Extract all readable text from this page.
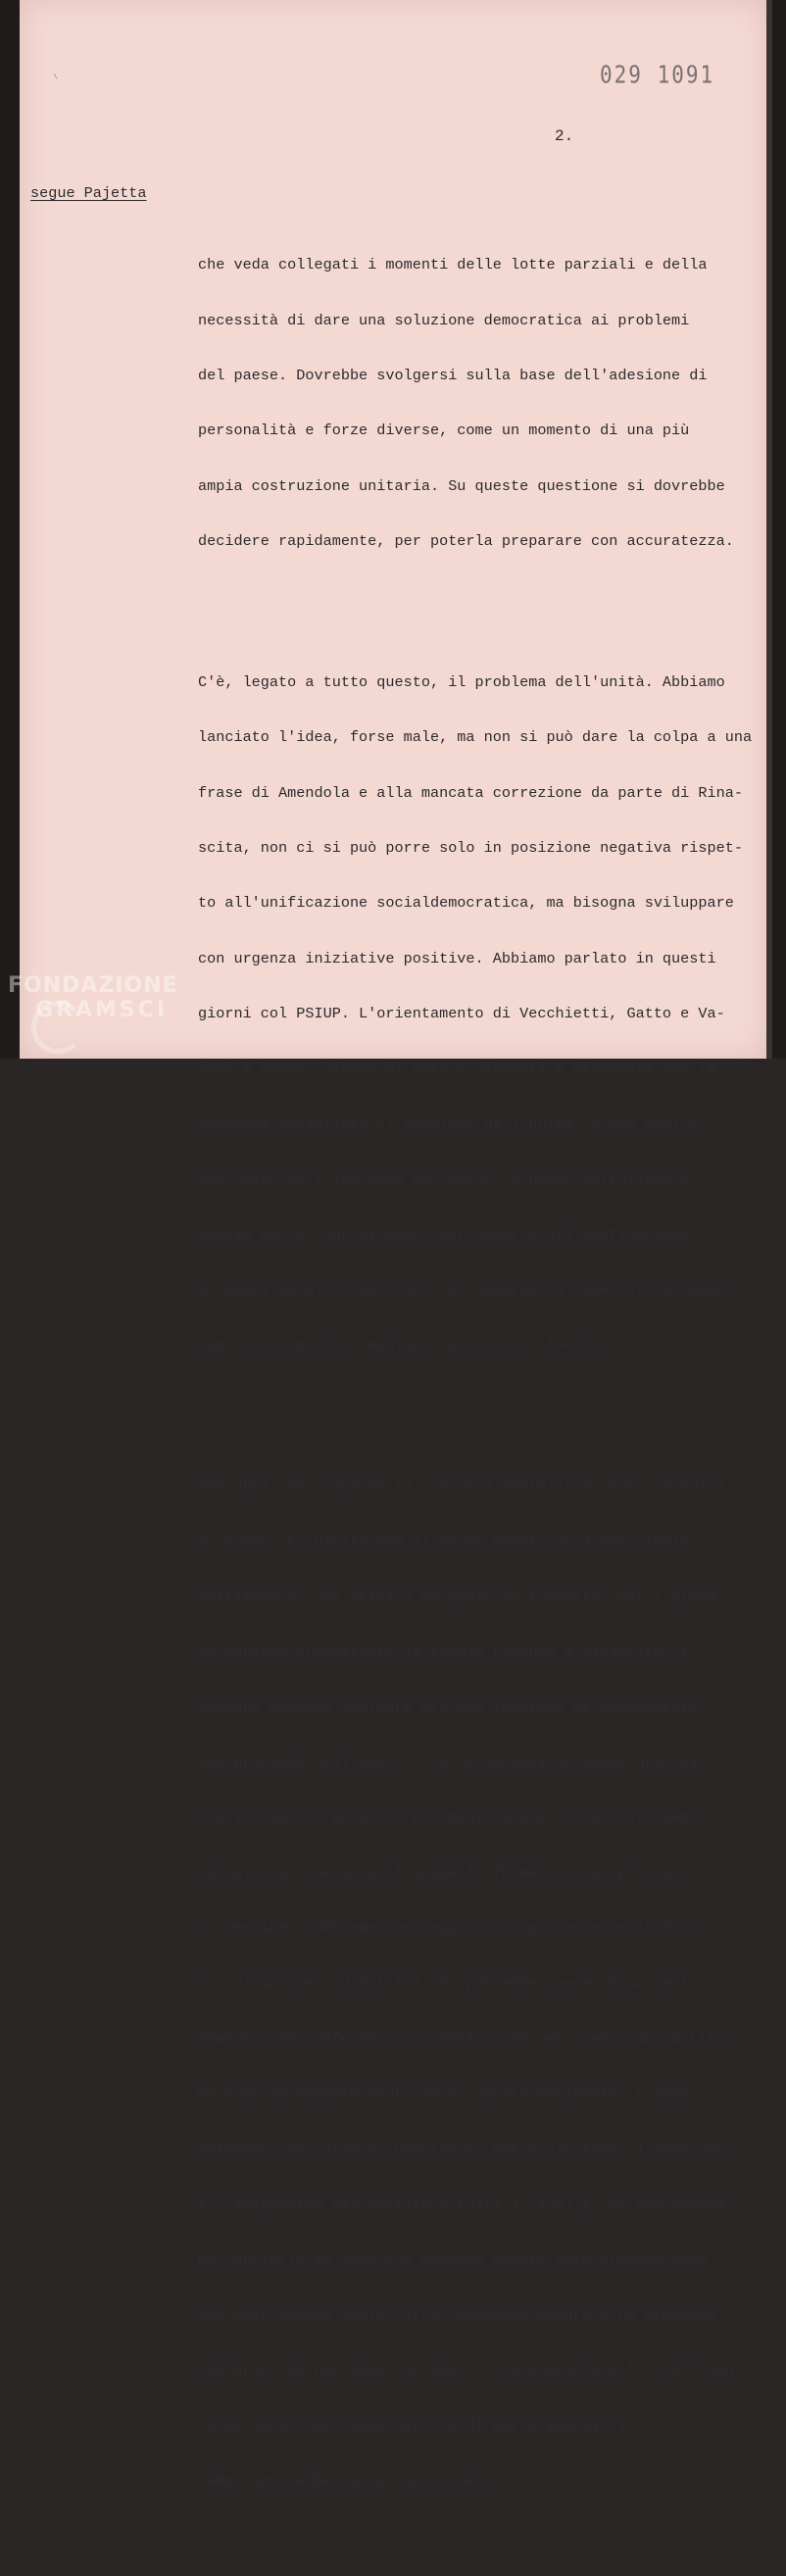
029 1091
2.
segue Pajetta

che veda collegati i momenti delle lotte parziali e della

necessità di dare una soluzione democratica ai problemi

del paese. Dovrebbe svolgersi sulla base dell'adesione di

personalità e forze diverse, come un momento di una più

ampia costruzione unitaria. Su queste questione si dovrebbe

decidere rapidamente, per poterla preparare con accuratezza.

C'è, legato a tutto questo, il problema dell'unità. Abbiamo

lanciato l'idea, forse male, ma non si può dare la colpa a una

frase di Amendola e alla mancata correzione da parte di Rina-

scita, non ci si può porre solo in posizione negativa rispet-

to all'unificazione socialdemocratica, ma bisogna sviluppare

con urgenza iniziative positive. Abbiamo parlato in questi

giorni col PSIUP. L'orientamento di Vecchietti, Gatto e Va-

lori è buono. Dicono di essere disposti a discutere con la

sinistra socialista il problema dell'unità, e non quello

esclusivo dell'ingresso nel PSIUP, e hanno sottolineato,

specie Gatto, che si deve contrapporre all'unificazione

di Nenni un'altra politica. E' apparsa la necessità di avere

con loro contatti regolari, a tutti i livelli.

Per quel che riguarda la sinistra socialista, non c'è nulla

di nuovo. E' uscito ora il primo numero dell'Astrolabio

settimanale, che offrirà un punto di incontro. Per i giova-

ni abbiamo organizzato la tavola rotonda a Rinascita. I

giovani possono svolgere ora una funzione di avanguardia

sui problemi dell'unità. C'è la necessità, anche qui, di

una iniziativa politica e organizzativa. Alla Costituente

socialista, che sarà il suggello formale di un processo

di vertice, dobbiamo contrapporre un processo reale fatto

di iniziative e dibattiti. Si potrebbe avere ad un certo

momento una conferenza nazionale, non per creare un partito,

ma come un momento centrale di questo movimento. L'idea

potremmo lanciarla al Congresso, per assicurarci l'adesione

e l'iniziativa del partito a tutti i livelli; ma non dovrem-

mo lanciarla in modo che potesse essere interpretata come

una coercizione sugli altri. Dobbiamo andare a un processo

unitario che non dica che quelli che andranno alla costituen-

te di Nenni non hanno diritto di parteciparvi. I

tempi sono abbastanza ravvicinati.

FONDAZIONE
GRAMSCI
